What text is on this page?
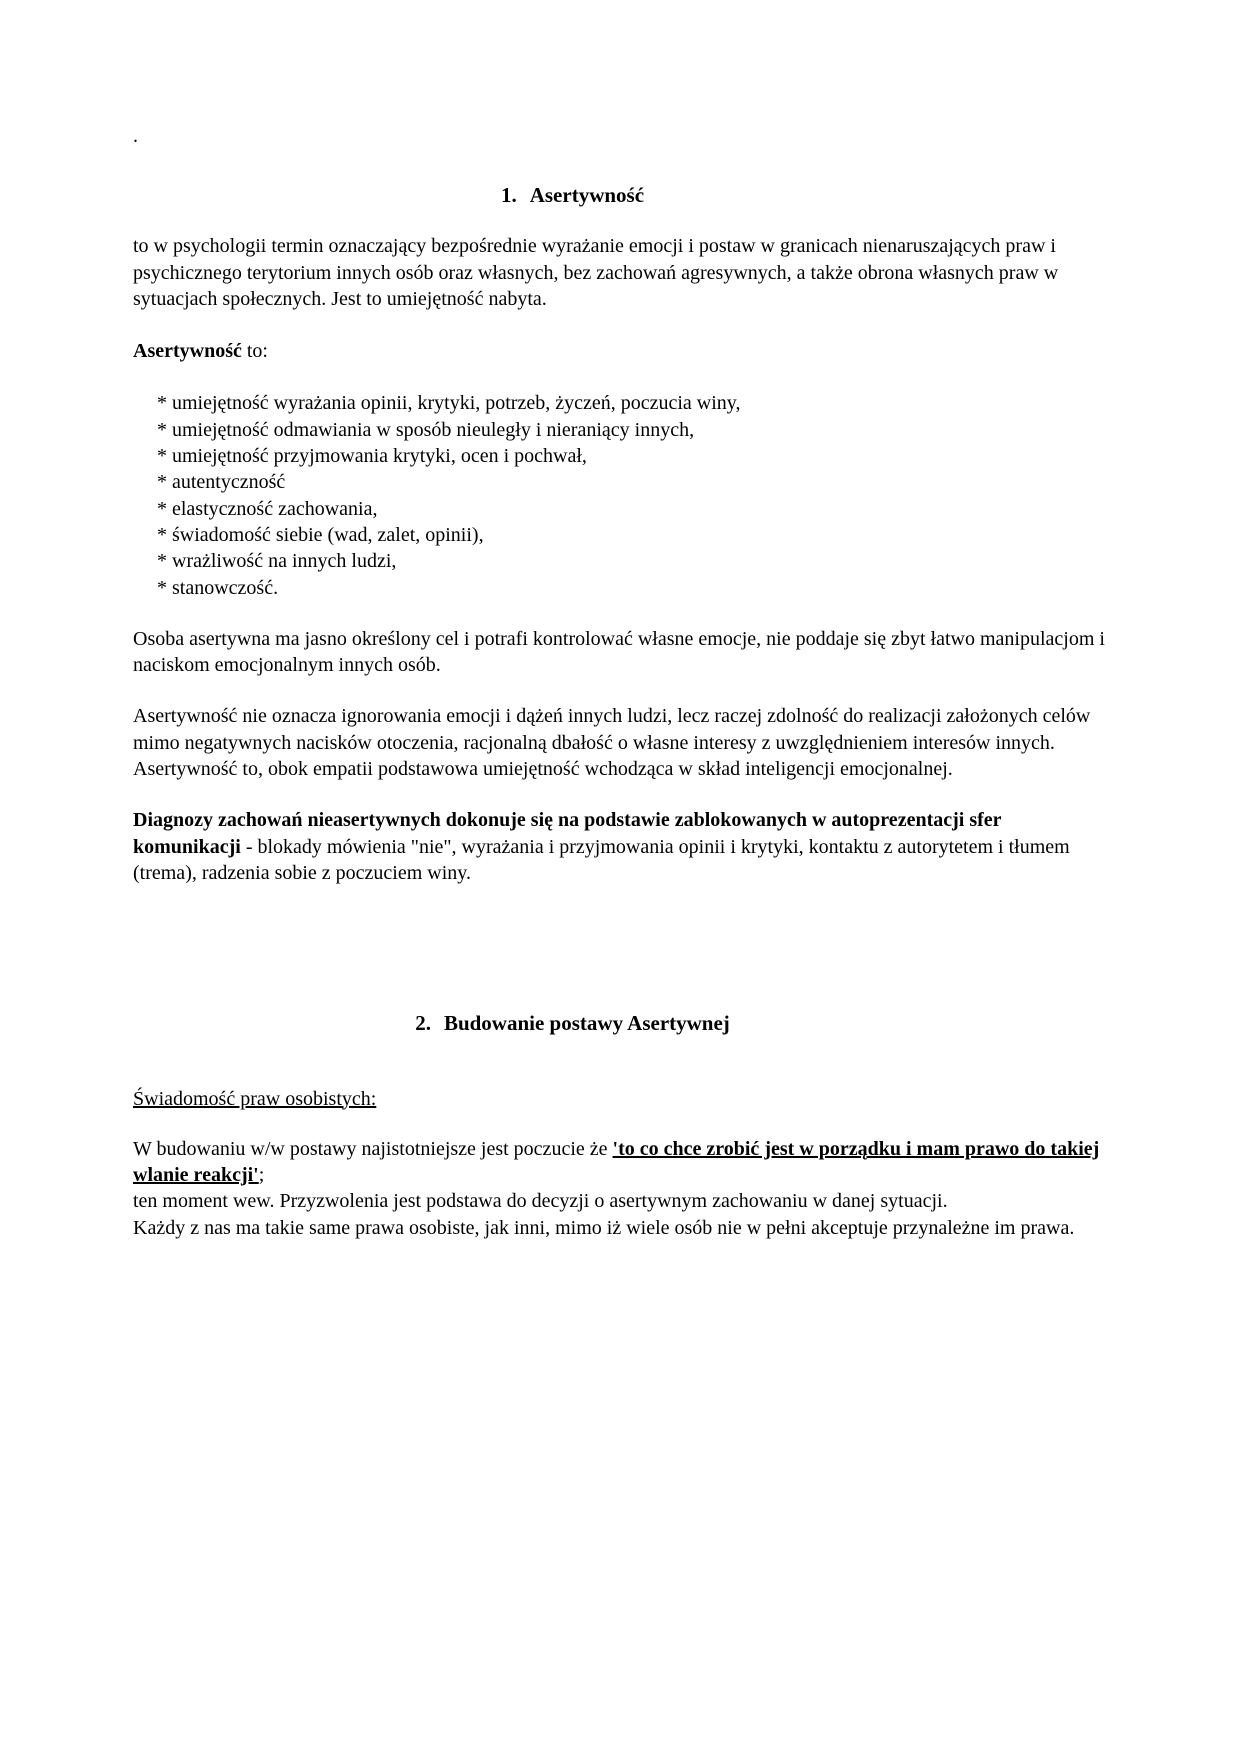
.
1. Asertywność
to w psychologii termin oznaczający bezpośrednie wyrażanie emocji i postaw w granicach nienaruszających praw i psychicznego terytorium innych osób oraz własnych, bez zachowań agresywnych, a także obrona własnych praw w sytuacjach społecznych. Jest to umiejętność nabyta.
Asertywność to:
* umiejętność wyrażania opinii, krytyki, potrzeb, życzeń, poczucia winy,
* umiejętność odmawiania w sposób nieuległy i nieraniący innych,
* umiejętność przyjmowania krytyki, ocen i pochwał,
* autentyczność
* elastyczność zachowania,
* świadomość siebie (wad, zalet, opinii),
* wrażliwość na innych ludzi,
* stanowczość.
Osoba asertywna ma jasno określony cel i potrafi kontrolować własne emocje, nie poddaje się zbyt łatwo manipulacjom i naciskom emocjonalnym innych osób.
Asertywność nie oznacza ignorowania emocji i dążeń innych ludzi, lecz raczej zdolność do realizacji założonych celów mimo negatywnych nacisków otoczenia, racjonalną dbałość o własne interesy z uwzględnieniem interesów innych. Asertywność to, obok empatii podstawowa umiejętność wchodząca w skład inteligencji emocjonalnej.
Diagnozy zachowań nieasertywnych dokonuje się na podstawie zablokowanych w autoprezentacji sfer komunikacji - blokady mówienia "nie", wyrażania i przyjmowania opinii i krytyki, kontaktu z autorytetem i tłumem (trema), radzenia sobie z poczuciem winy.
2. Budowanie postawy Asertywnej
Świadomość praw osobistych:
W budowaniu w/w postawy najistotniejsze jest poczucie że 'to co chce zrobić jest w porządku i mam prawo do takiej wlanie reakcji';
ten moment wew. Przyzwolenia jest podstawa do decyzji o asertywnym zachowaniu w danej sytuacji.
Każdy z nas ma takie same prawa osobiste, jak inni, mimo iż wiele osób nie w pełni akceptuje przynależne im prawa.
